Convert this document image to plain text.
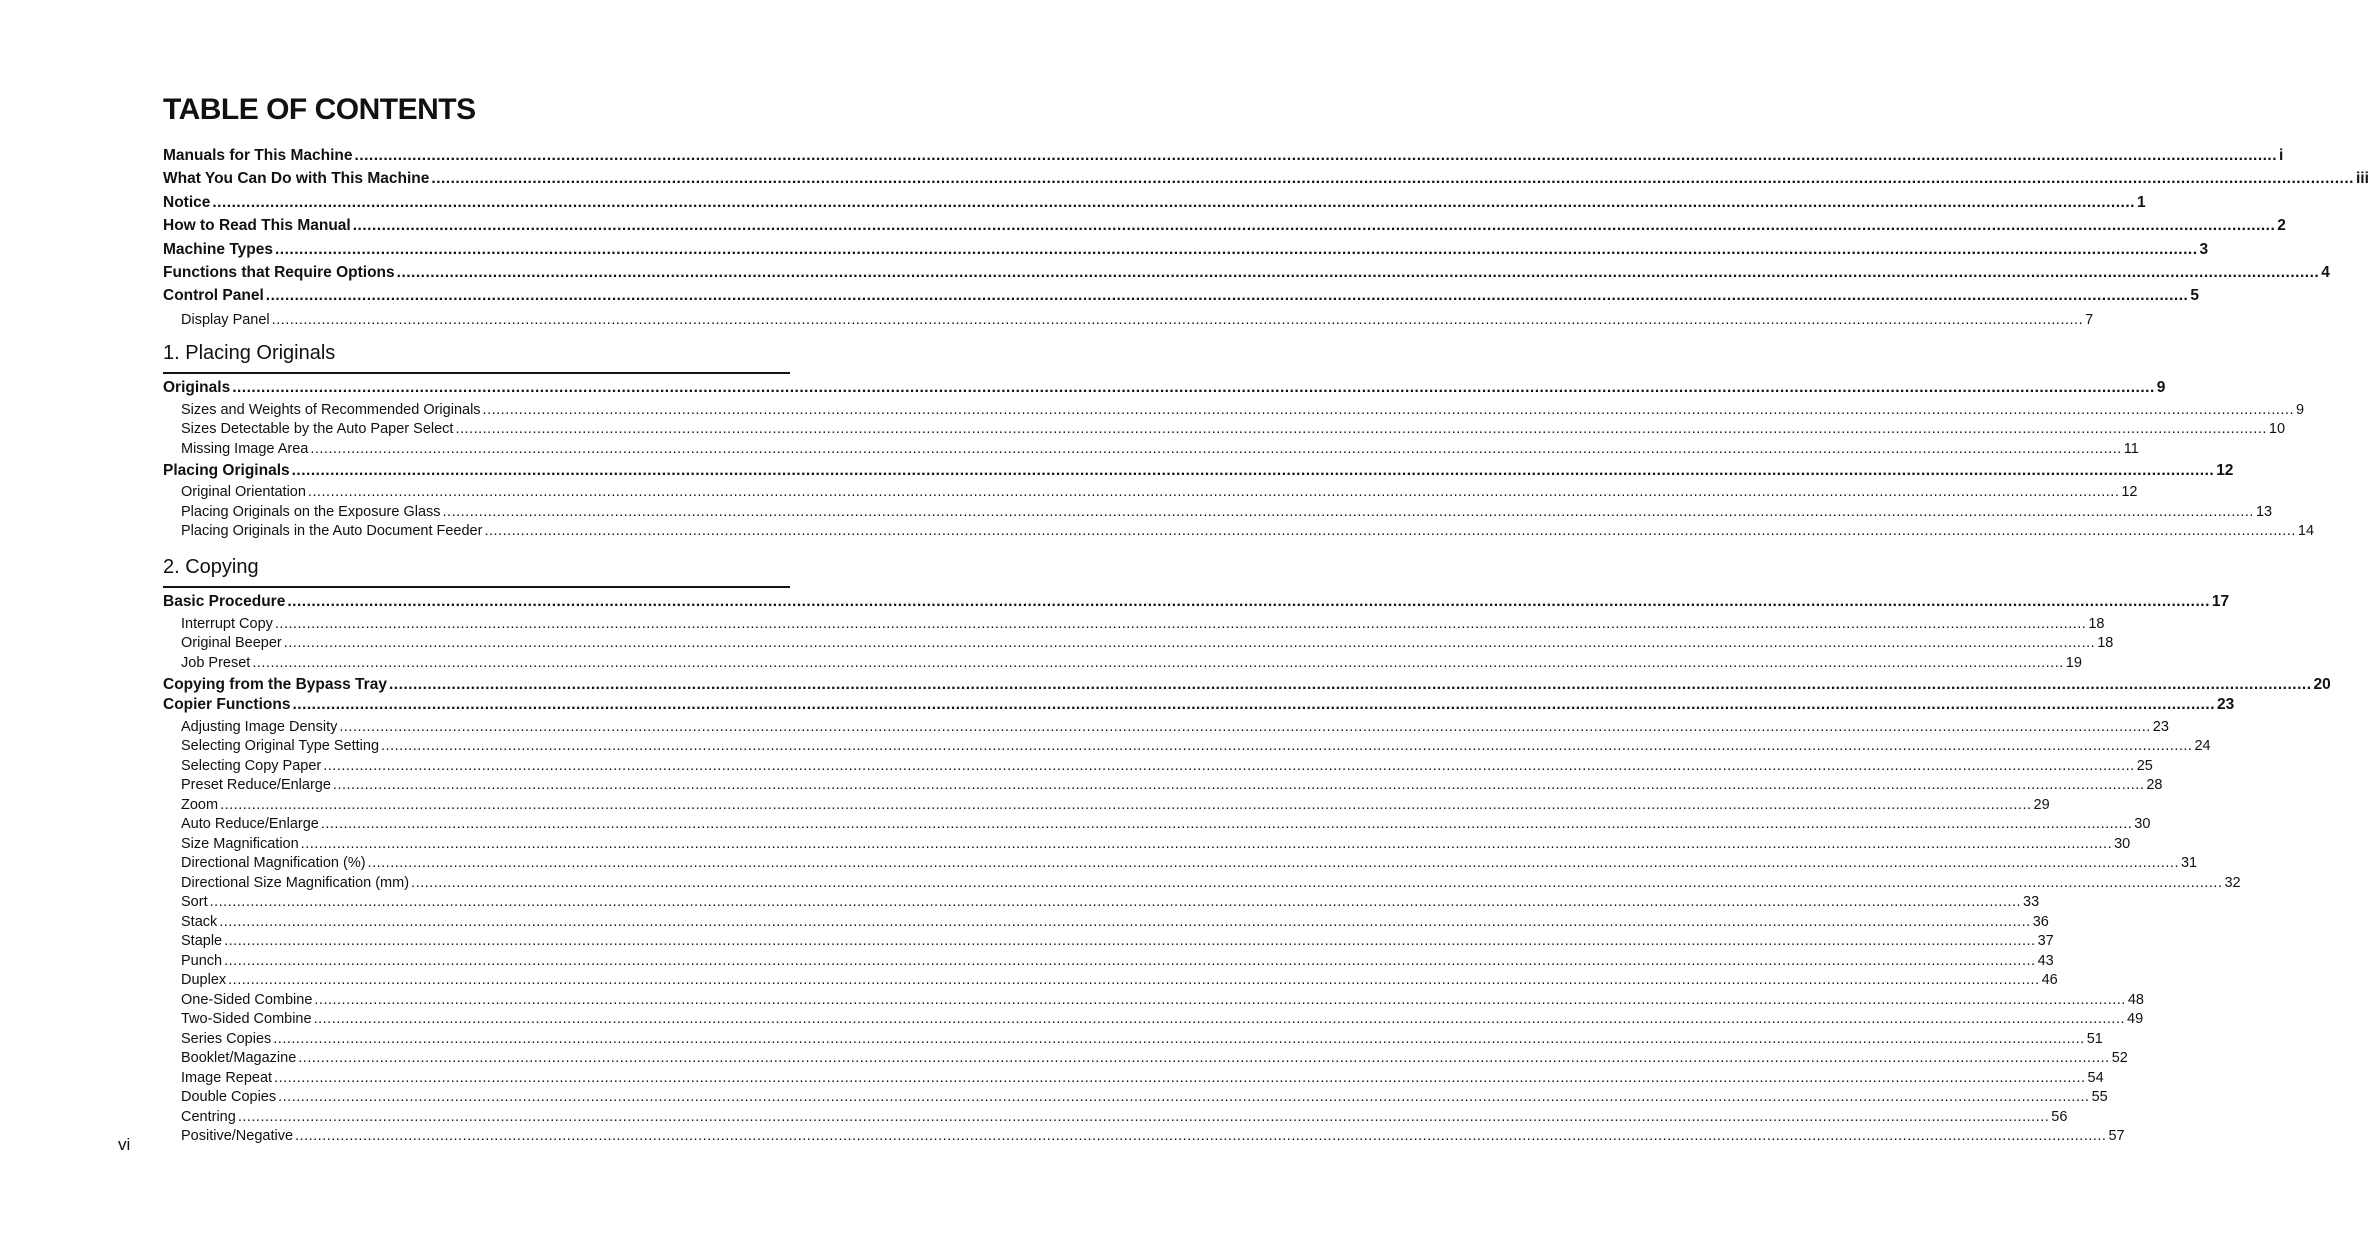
TABLE OF CONTENTS
Manuals for This Machine ................................................................................................................................................................................................................................................................................................................................................................................................................ i
What You Can Do with This Machine ................................................................................................................................................................................................................................................................................................................................................................................................................ iii
Notice ................................................................................................................................................................................................................................................................................................................................................................................................................ 1
How to Read This Manual ................................................................................................................................................................................................................................................................................................................................................................................................................ 2
Machine Types ................................................................................................................................................................................................................................................................................................................................................................................................................ 3
Functions that Require Options ................................................................................................................................................................................................................................................................................................................................................................................................................ 4
Control Panel ................................................................................................................................................................................................................................................................................................................................................................................................................ 5
Display Panel ................................................................................................................................................................................................................................................................................................................................................................................................................ 7
1. Placing Originals
Originals ................................................................................................................................................................................................................................................................................................................................................................................................................ 9
Sizes and Weights of Recommended Originals ................................................................................................................................................................................................................................................................................................................................................................................................................ 9
Sizes Detectable by the Auto Paper Select ................................................................................................................................................................................................................................................................................................................................................................................................................ 10
Missing Image Area ................................................................................................................................................................................................................................................................................................................................................................................................................ 11
Placing Originals ................................................................................................................................................................................................................................................................................................................................................................................................................ 12
Original Orientation ................................................................................................................................................................................................................................................................................................................................................................................................................ 12
Placing Originals on the Exposure Glass ................................................................................................................................................................................................................................................................................................................................................................................................................ 13
Placing Originals in the Auto Document Feeder ................................................................................................................................................................................................................................................................................................................................................................................................................ 14
2. Copying
Basic Procedure ................................................................................................................................................................................................................................................................................................................................................................................................................ 17
Interrupt Copy ................................................................................................................................................................................................................................................................................................................................................................................................................ 18
Original Beeper ................................................................................................................................................................................................................................................................................................................................................................................................................ 18
Job Preset ................................................................................................................................................................................................................................................................................................................................................................................................................ 19
Copying from the Bypass Tray ................................................................................................................................................................................................................................................................................................................................................................................................................ 20
Copier Functions ................................................................................................................................................................................................................................................................................................................................................................................................................ 23
Adjusting Image Density ................................................................................................................................................................................................................................................................................................................................................................................................................ 23
Selecting Original Type Setting ................................................................................................................................................................................................................................................................................................................................................................................................................ 24
Selecting Copy Paper ................................................................................................................................................................................................................................................................................................................................................................................................................ 25
Preset Reduce/Enlarge ................................................................................................................................................................................................................................................................................................................................................................................................................ 28
Zoom ................................................................................................................................................................................................................................................................................................................................................................................................................ 29
Auto Reduce/Enlarge ................................................................................................................................................................................................................................................................................................................................................................................................................ 30
Size Magnification ................................................................................................................................................................................................................................................................................................................................................................................................................ 30
Directional Magnification (%) ................................................................................................................................................................................................................................................................................................................................................................................................................ 31
Directional Size Magnification (mm) ................................................................................................................................................................................................................................................................................................................................................................................................................ 32
Sort ................................................................................................................................................................................................................................................................................................................................................................................................................ 33
Stack ................................................................................................................................................................................................................................................................................................................................................................................................................ 36
Staple ................................................................................................................................................................................................................................................................................................................................................................................................................ 37
Punch ................................................................................................................................................................................................................................................................................................................................................................................................................ 43
Duplex ................................................................................................................................................................................................................................................................................................................................................................................................................ 46
One-Sided Combine ................................................................................................................................................................................................................................................................................................................................................................................................................ 48
Two-Sided Combine ................................................................................................................................................................................................................................................................................................................................................................................................................ 49
Series Copies ................................................................................................................................................................................................................................................................................................................................................................................................................ 51
Booklet/Magazine ................................................................................................................................................................................................................................................................................................................................................................................................................ 52
Image Repeat ................................................................................................................................................................................................................................................................................................................................................................................................................ 54
Double Copies ................................................................................................................................................................................................................................................................................................................................................................................................................ 55
Centring ................................................................................................................................................................................................................................................................................................................................................................................................................ 56
Positive/Negative ................................................................................................................................................................................................................................................................................................................................................................................................................ 57
vi
